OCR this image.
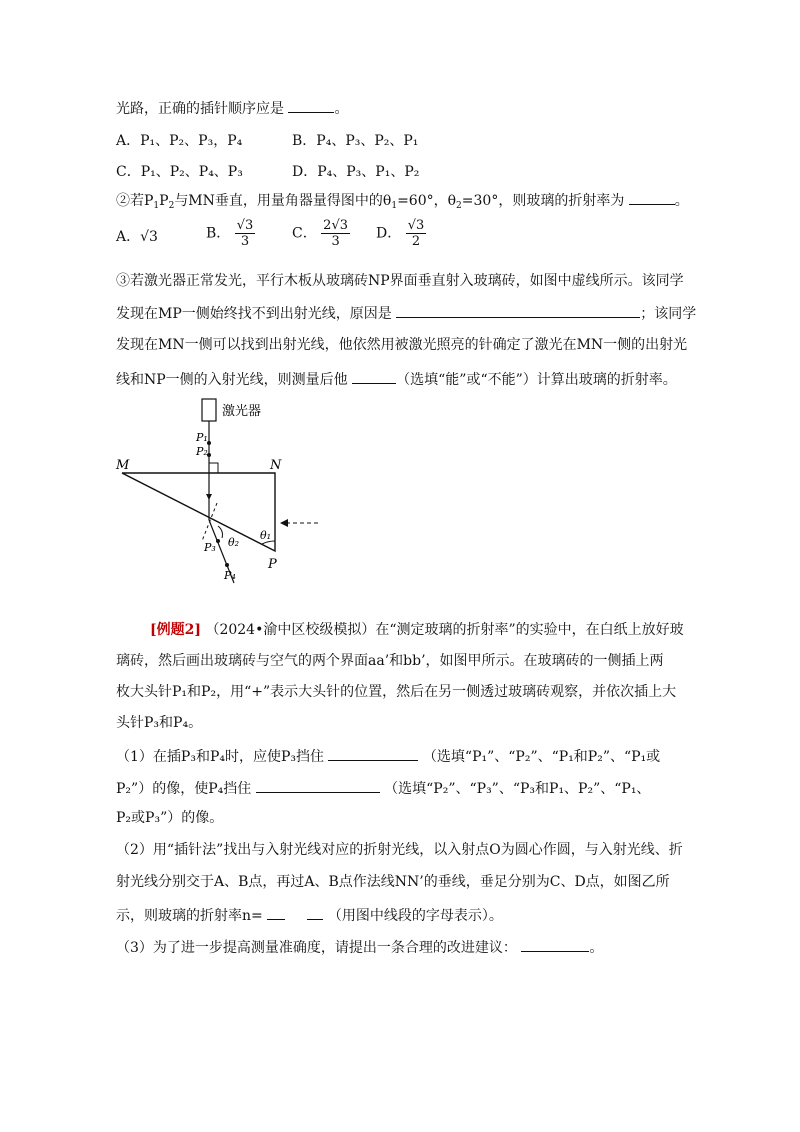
光路，正确的插针顺序应是	。
A．P₁、P₂、P₃，P₄	B．P₄、P₃、P₂、P₁
C．P₁、P₂、P₄、P₃	D．P₄、P₃、P₁、P₂
②若$P_1P_2$与MN垂直，用量角器量得图中的$\theta_1=60^\circ$，$\theta_2=30^\circ$，则玻璃的折射率为	。
A．√3	B． $\frac{√3}{3}$	C． $\frac{2√3}{3}$ D． $\frac{√3}{2}$
③若激光器正常发光，平行木板从玻璃砖NP界面垂直射入玻璃砖，如图中虚线所示。该同学
发现在MP一侧始终找不到出射光线，原因是	；该同学
发现在MN一侧可以找到出射光线，他依然用被激光照亮的针确定了激光在MN一侧的出射光
线和NP一侧的入射光线，则测量后他	（选填“能”或“不能”）计算出玻璃的折射率。
激光器
P₁
P₂
M	N
P
P₃
P₄
θ₂
θ₁
[例题2] （2024•渝中区校级模拟）在“测定玻璃的折射率”的实验中，在白纸上放好玻
璃砖，然后画出玻璃砖与空气的两个界面aa’和bb’，如图甲所示。在玻璃砖的一侧插上两
枚大头针P₁和P₂，用“+”表示大头针的位置，然后在另一侧透过玻璃砖观察，并依次插上大
头针P₃和P₄。
（1）在插P₃和P₄时，应使P₃挡住	（选填“P₁”、“P₂”、“P₁和P₂”、“P₁或
P₂”）的像，使P₄挡住	（选填“P₂”、“P₃”、“P₃和P₁、P₂”、“P₁、
P₂或P₃”）的像。
（2）用“插针法”找出与入射光线对应的折射光线，以入射点O为圆心作圆，与入射光线、折
射光线分别交于A、B点，再过A、B点作法线NN’的垂线，垂足分别为C、D点，如图乙所
示，则玻璃的折射率n=	（用图中线段的字母表示）。
（3）为了进一步提高测量准确度，请提出一条合理的改进建议：	。
